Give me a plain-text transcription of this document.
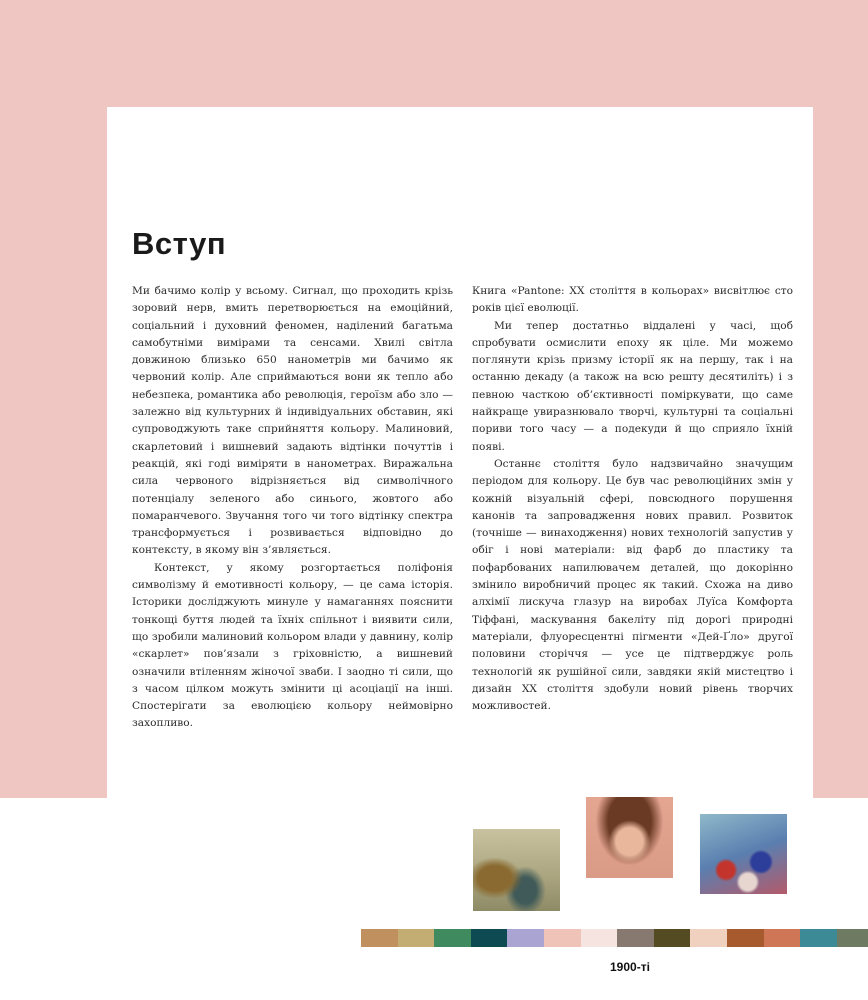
Вступ

Ми бачимо колір у всьому. Сигнал, що проходить крізь зоровий нерв, вмить перетворюється на емоційний, соціальний і духовний феномен, наділений багатьма самобутніми вимірами та сенсами. Хвилі світла довжиною близько 650 нанометрів ми бачимо як червоний колір. Але сприймаються вони як тепло або небезпека, романтика або революція, героїзм або зло — залежно від культурних й індивідуальних обставин, які супроводжують таке сприйняття кольору. Малиновий, скарлетовий і вишневий задають відтінки почуттів і реакцій, які годі виміряти в нанометрах. Виражальна сила червоного відрізняється від символічного потенціалу зеленого або синього, жовтого або помаранчевого. Звучання того чи того відтінку спектра трансформується і розвивається відповідно до контексту, в якому він з’являється.

Контекст, у якому розгортається поліфонія символізму й емотивності кольору, — це сама історія. Історики досліджують минуле у намаганнях пояснити тонкощі буття людей та їхніх спільнот і виявити сили, що зробили малиновий кольором влади у давнину, колір «скарлет» пов’язали з гріховністю, а вишневий означили втіленням жіночої зваби. І заодно ті сили, що з часом цілком можуть змінити ці асоціації на інші. Спостерігати за еволюцією кольору неймовірно захопливо.

Книга «Pantone: XX століття в кольорах» висвітлює сто років цієї еволюції.

Ми тепер достатньо віддалені у часі, щоб спробувати осмислити епоху як ціле. Ми можемо поглянути крізь призму історії як на першу, так і на останню декаду (а також на всю решту десятиліть) і з певною часткою об’єктивності поміркувати, що саме найкраще увиразнювало творчі, культурні та соціальні пориви того часу — а подекуди й що сприяло їхній появі.

Останнє століття було надзвичайно значущим періодом для кольору. Це був час революційних змін у кожній візуальній сфері, повсюдного порушення канонів та запровадження нових правил. Розвиток (точніше — винаходження) нових технологій запустив у обіг і нові матеріали: від фарб до пластику та пофарбованих напилювачем деталей, що докорінно змінило виробничий процес як такий. Схожа на диво алхімії лискуча глазур на виробах Луїса Комфорта Тіффані, маскування бакеліту під дорогі природні матеріали, флуоресцентні пігменти «Дей-Ґло» другої половини сторіччя — усе це підтверджує роль технологій як рушійної сили, завдяки якій мистецтво і дизайн XX століття здобули новий рівень творчих можливостей.

1900-ті
